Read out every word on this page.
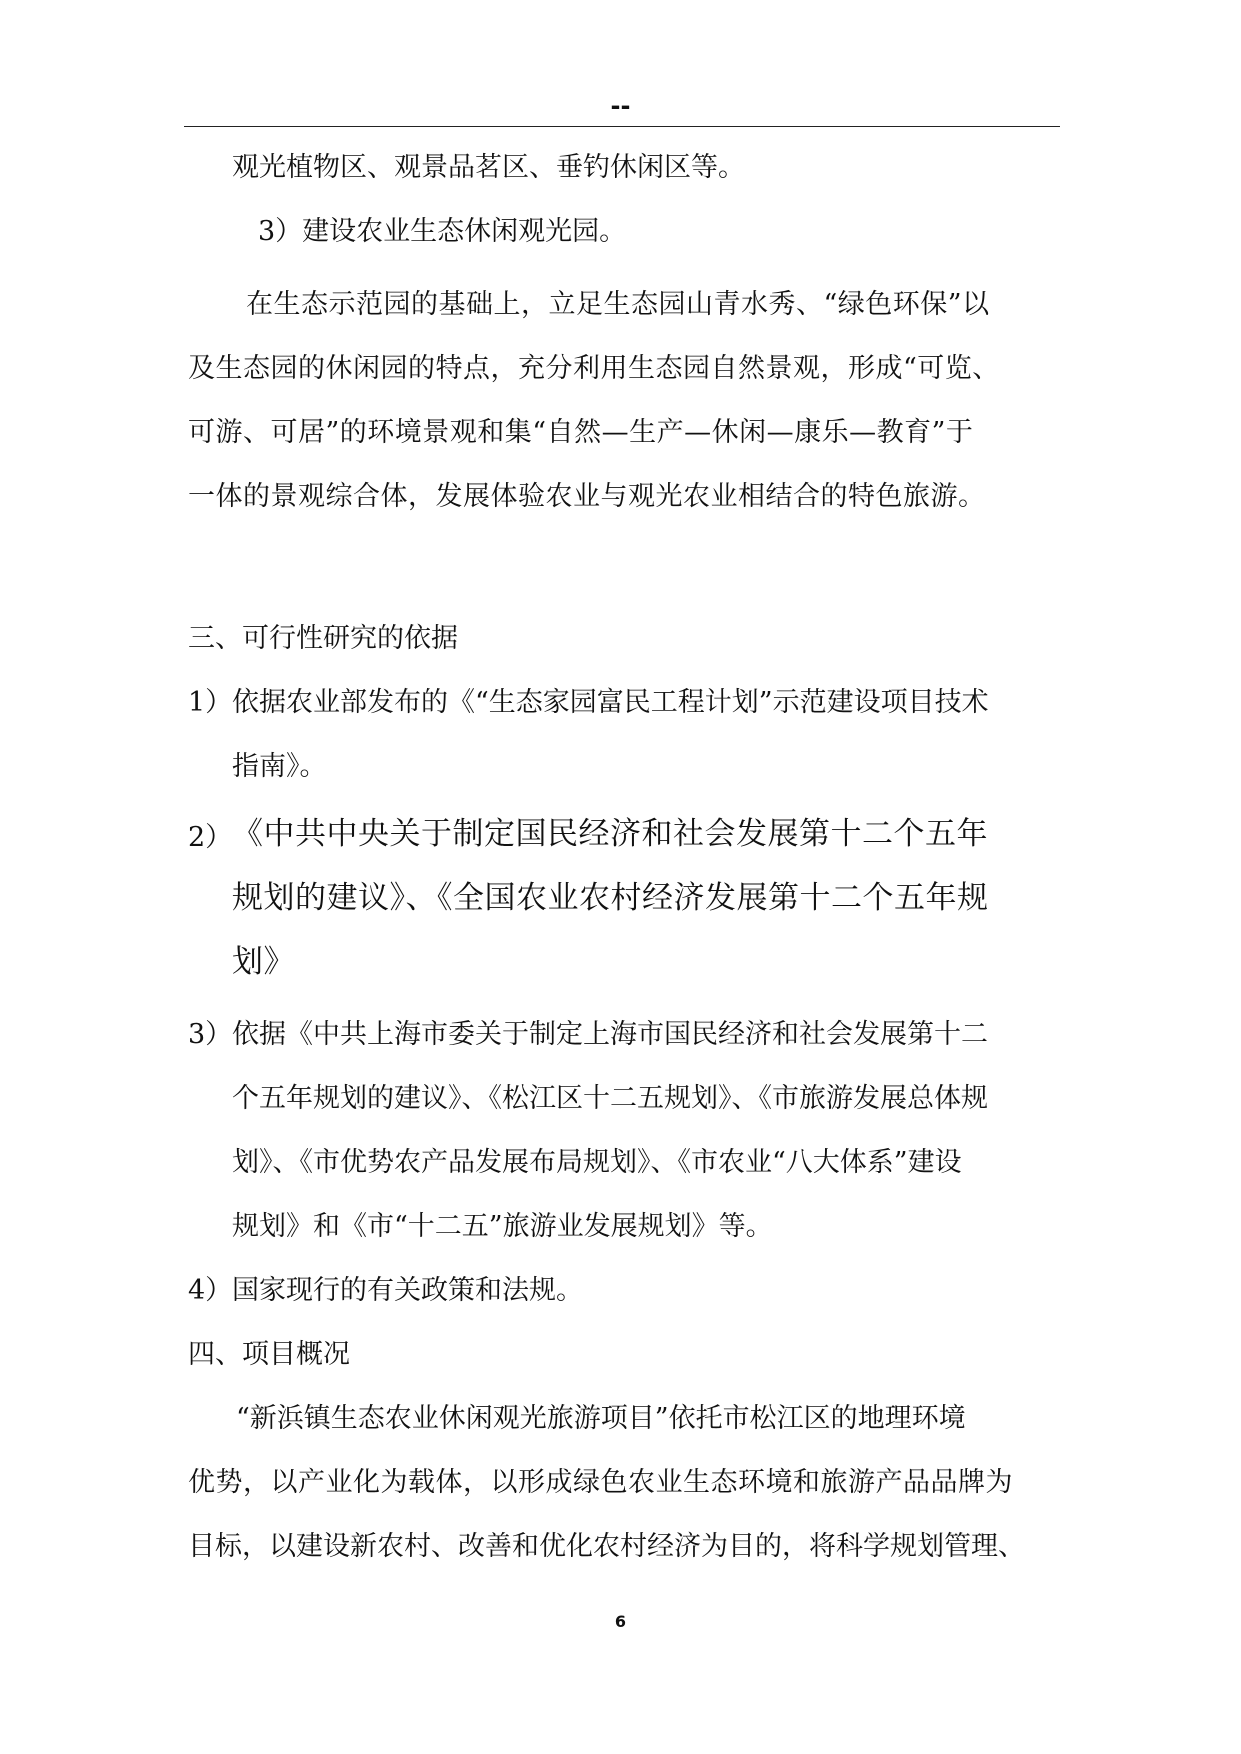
--
观光植物区、观景品茗区、垂钓休闲区等。
3）建设农业生态休闲观光园。
在生态示范园的基础上，立足生态园山青水秀、“绿色环保”以
及生态园的休闲园的特点，充分利用生态园自然景观，形成“可览、
可游、可居”的环境景观和集“自然—生产—休闲—康乐—教育”于
一体的景观综合体，发展体验农业与观光农业相结合的特色旅游。
三、可行性研究的依据
1） 依据农业部发布的《“生态家园富民工程计划”示范建设项目技术
指南》。
2） 《中共中央关于制定国民经济和社会发展第十二个五年
规划的建议》、《全国农业农村经济发展第十二个五年规
划》
3） 依据《中共上海市委关于制定上海市国民经济和社会发展第十二
个五年规划的建议》、《松江区十二五规划》、《市旅游发展总体规
划》、《市优势农产品发展布局规划》、《市农业“八大体系”建设
规划》和《市“十二五”旅游业发展规划》等。
4） 国家现行的有关政策和法规。
四、项目概况
“新浜镇生态农业休闲观光旅游项目”依托市松江区的地理环境
优势，以产业化为载体，以形成绿色农业生态环境和旅游产品品牌为
目标，以建设新农村、改善和优化农村经济为目的，将科学规划管理、
6
